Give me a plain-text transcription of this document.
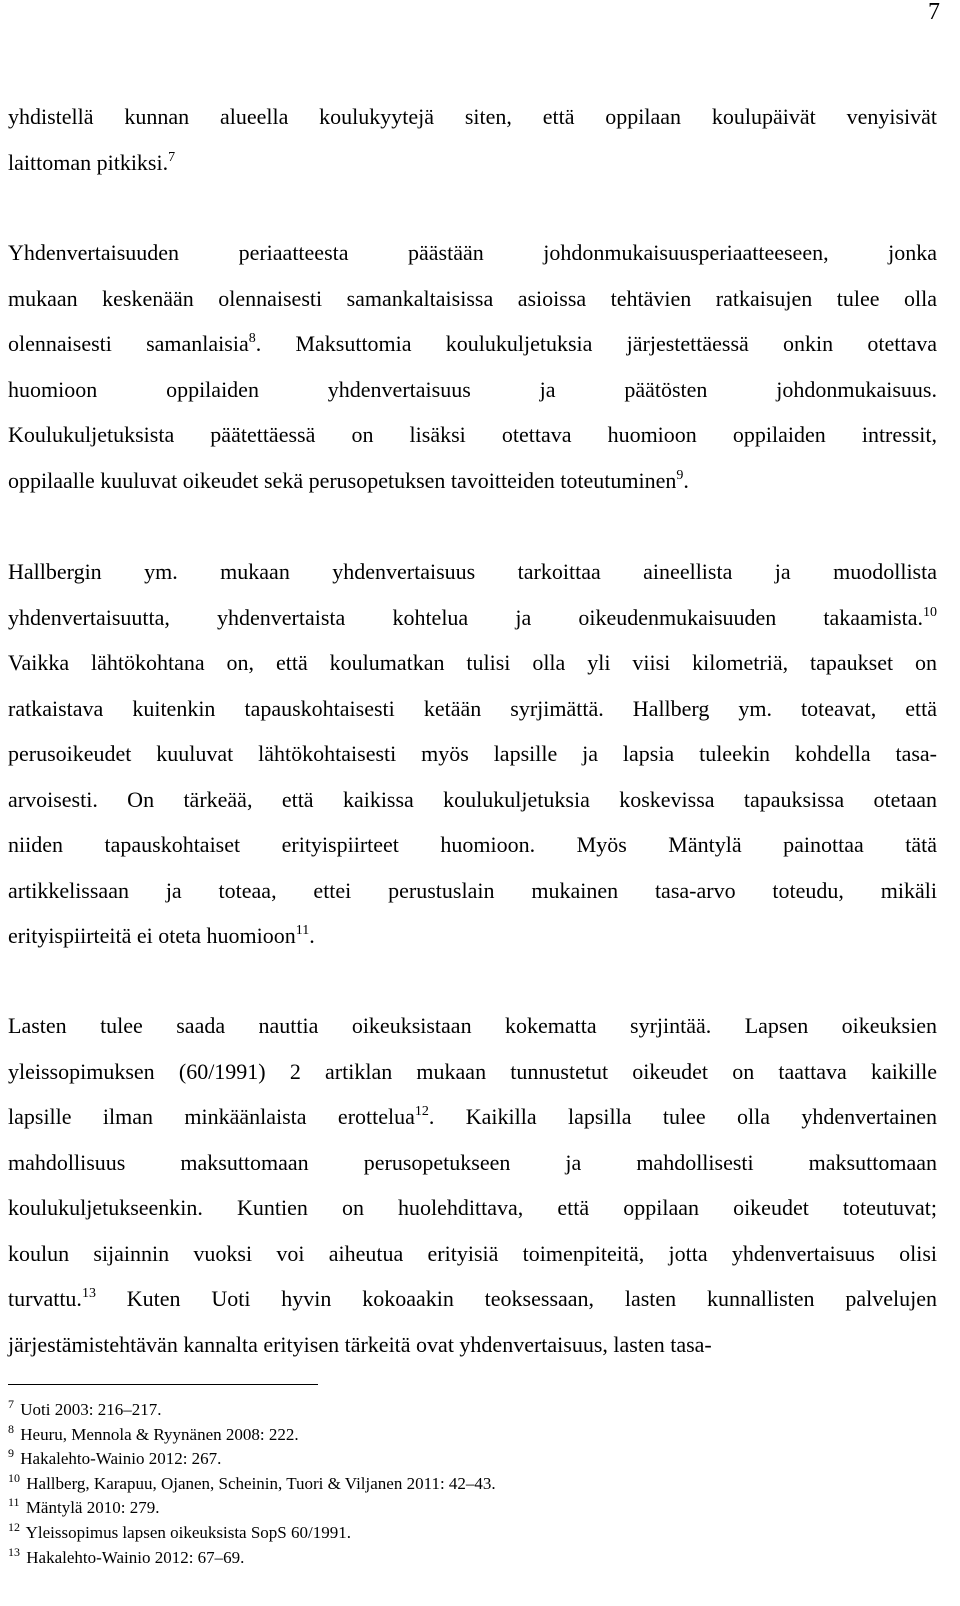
7
yhdistellä kunnan alueella koulukyytejä siten, että oppilaan koulupäivät venyisivät
laittoman pitkiksi.$^7$
Yhdenvertaisuuden periaatteesta päästään johdonmukaisuusperiaatteeseen, jonka
mukaan keskenään olennaisesti samankaltaisissa asioissa tehtävien ratkaisujen tulee olla
olennaisesti samanlaisia$^8$. Maksuttomia koulukuljetuksia järjestettäessä onkin otettava
huomioon oppilaiden yhdenvertaisuus ja päätösten johdonmukaisuus.
Koulukuljetuksista päätettäessä on lisäksi otettava huomioon oppilaiden intressit,
oppilaalle kuuluvat oikeudet sekä perusopetuksen tavoitteiden toteutuminen$^9$.
Hallbergin ym. mukaan yhdenvertaisuus tarkoittaa aineellista ja muodollista
yhdenvertaisuutta, yhdenvertaista kohtelua ja oikeudenmukaisuuden takaamista.$^{10}$
Vaikka lähtökohtana on, että koulumatkan tulisi olla yli viisi kilometriä, tapaukset on
ratkaistava kuitenkin tapauskohtaisesti ketään syrjimättä. Hallberg ym. toteavat, että
perusoikeudet kuuluvat lähtökohtaisesti myös lapsille ja lapsia tuleekin kohdella tasa-
arvoisesti. On tärkeää, että kaikissa koulukuljetuksia koskevissa tapauksissa otetaan
niiden tapauskohtaiset erityispiirteet huomioon. Myös Mäntylä painottaa tätä
artikkelissaan ja toteaa, ettei perustuslain mukainen tasa-arvo toteudu, mikäli
erityispiirteitä ei oteta huomioon$^{11}$.
Lasten tulee saada nauttia oikeuksistaan kokematta syrjintää. Lapsen oikeuksien
yleissopimuksen (60/1991) 2 artiklan mukaan tunnustetut oikeudet on taattava kaikille
lapsille ilman minkäänlaista erottelua$^{12}$. Kaikilla lapsilla tulee olla yhdenvertainen
mahdollisuus maksuttomaan perusopetukseen ja mahdollisesti maksuttomaan
koulukuljetukseenkin. Kuntien on huolehdittava, että oppilaan oikeudet toteutuvat;
koulun sijainnin vuoksi voi aiheutua erityisiä toimenpiteitä, jotta yhdenvertaisuus olisi
turvattu.$^{13}$ Kuten Uoti hyvin kokoaakin teoksessaan, lasten kunnallisten palvelujen
järjestämistehtävän kannalta erityisen tärkeitä ovat yhdenvertaisuus, lasten tasa-
$^7$ Uoti 2003: 216–217.
$^8$ Heuru, Mennola & Ryynänen 2008: 222.
$^9$ Hakalehto-Wainio 2012: 267.
$^{10}$ Hallberg, Karapuu, Ojanen, Scheinin, Tuori & Viljanen 2011: 42–43.
$^{11}$ Mäntylä 2010: 279.
$^{12}$ Yleissopimus lapsen oikeuksista SopS 60/1991.
$^{13}$ Hakalehto-Wainio 2012: 67–69.
